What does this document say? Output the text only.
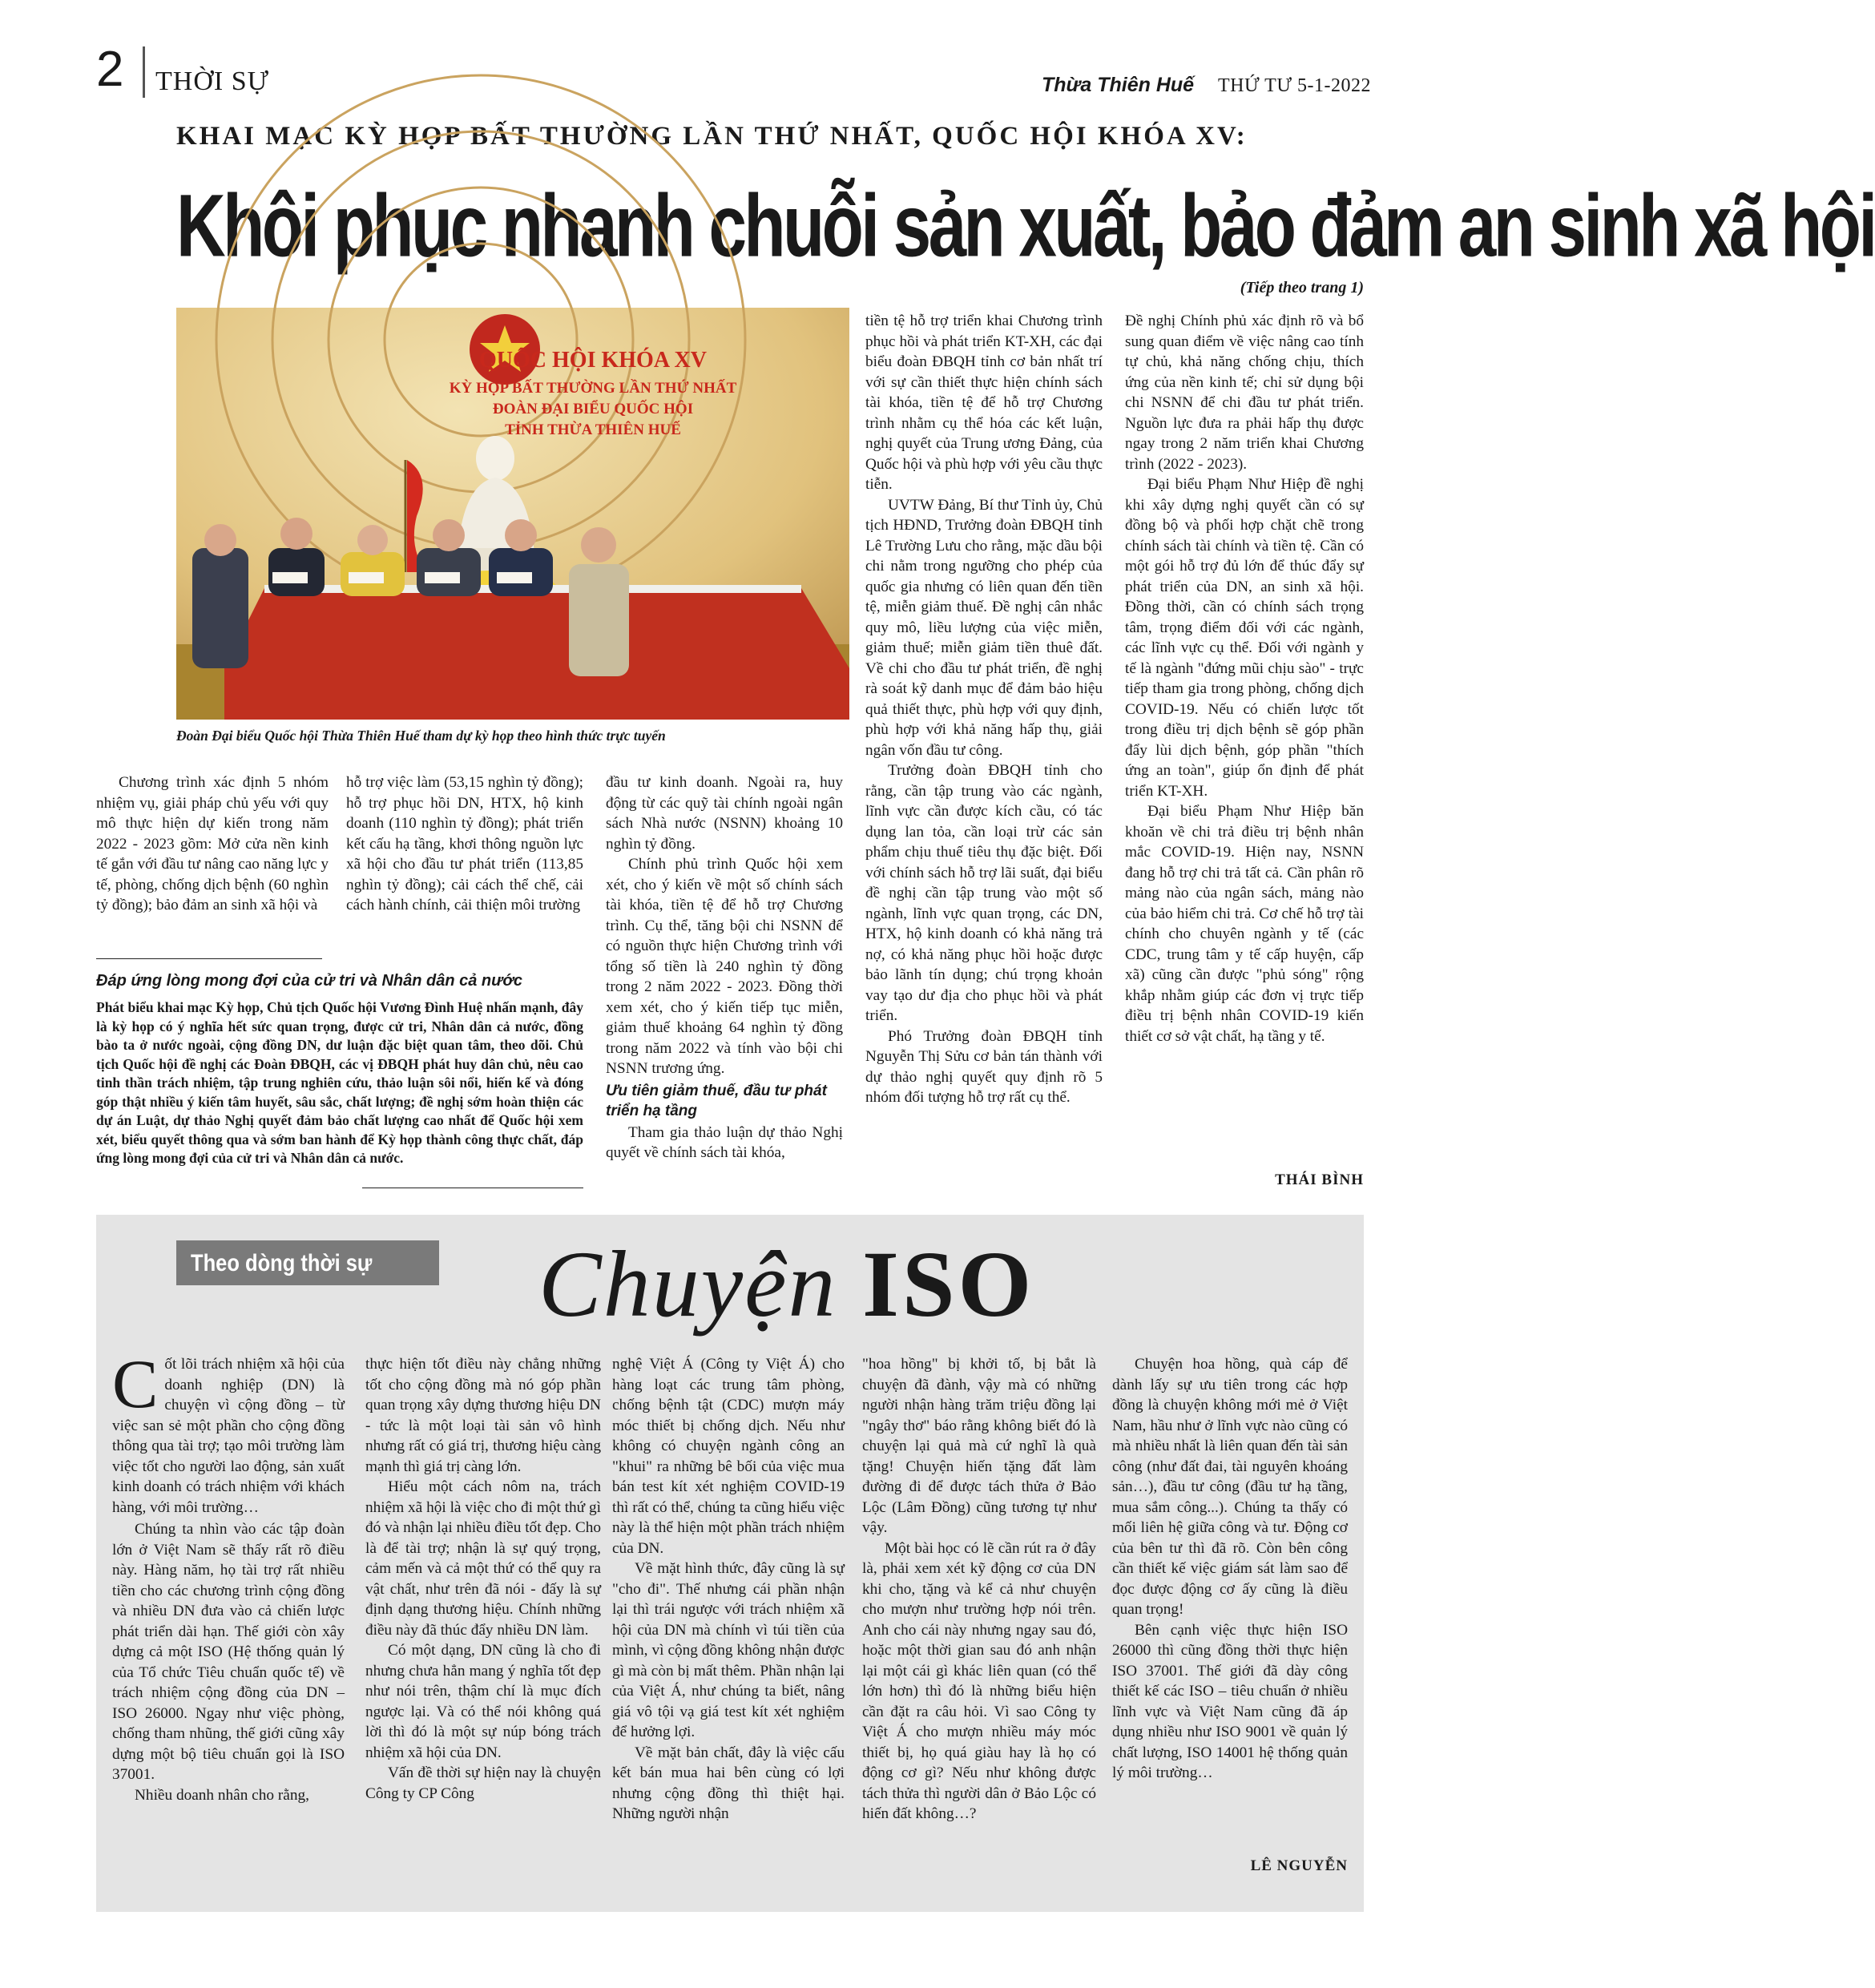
2 THỜI SỰ	Thừa Thiên Huế THỨ TƯ 5-1-2022
KHAI MẠC KỲ HỌP BẤT THƯỜNG LẦN THỨ NHẤT, QUỐC HỘI KHÓA XV:
Khôi phục nhanh chuỗi sản xuất, bảo đảm an sinh xã hội
(Tiếp theo trang 1)
QUỐC HỘI KHÓA XV
KỲ HỌP BẤT THƯỜNG LẦN THỨ NHẤT
ĐOÀN ĐẠI BIỂU QUỐC HỘI
TỈNH THỪA THIÊN HUẾ
Đoàn Đại biểu Quốc hội Thừa Thiên Huế tham dự kỳ họp theo hình thức trực tuyến

Chương trình xác định 5 nhóm nhiệm vụ, giải pháp chủ yếu với quy mô thực hiện dự kiến trong năm 2022 - 2023 gồm: Mở cửa nền kinh tế gắn với đầu tư nâng cao năng lực y tế, phòng, chống dịch bệnh (60 nghìn tỷ đồng); bảo đảm an sinh xã hội và

hỗ trợ việc làm (53,15 nghìn tỷ đồng); hỗ trợ phục hồi DN, HTX, hộ kinh doanh (110 nghìn tỷ đồng); phát triển kết cấu hạ tầng, khơi thông nguồn lực xã hội cho đầu tư phát triển (113,85 nghìn tỷ đồng); cải cách thể chế, cải cách hành chính, cải thiện môi trường

Đáp ứng lòng mong đợi của cử tri và Nhân dân cả nước
Phát biểu khai mạc Kỳ họp, Chủ tịch Quốc hội Vương Đình Huệ nhấn mạnh, đây là kỳ họp có ý nghĩa hết sức quan trọng, được cử tri, Nhân dân cả nước, đồng bào ta ở nước ngoài, cộng đồng DN, dư luận đặc biệt quan tâm, theo dõi. Chủ tịch Quốc hội đề nghị các Đoàn ĐBQH, các vị ĐBQH phát huy dân chủ, nêu cao tinh thần trách nhiệm, tập trung nghiên cứu, thảo luận sôi nổi, hiến kế và đóng góp thật nhiều ý kiến tâm huyết, sâu sắc, chất lượng; đề nghị sớm hoàn thiện các dự án Luật, dự thảo Nghị quyết đảm bảo chất lượng cao nhất để Quốc hội xem xét, biểu quyết thông qua và sớm ban hành để Kỳ họp thành công thực chất, đáp ứng lòng mong đợi của cử tri và Nhân dân cả nước.

đầu tư kinh doanh. Ngoài ra, huy động từ các quỹ tài chính ngoài ngân sách Nhà nước (NSNN) khoảng 10 nghìn tỷ đồng.

Chính phủ trình Quốc hội xem xét, cho ý kiến về một số chính sách tài khóa, tiền tệ để hỗ trợ Chương trình. Cụ thể, tăng bội chi NSNN để có nguồn thực hiện Chương trình với tổng số tiền là 240 nghìn tỷ đồng trong 2 năm 2022 - 2023. Đồng thời xem xét, cho ý kiến tiếp tục miễn, giảm thuế khoảng 64 nghìn tỷ đồng trong năm 2022 và tính vào bội chi NSNN trương ứng.

Ưu tiên giảm thuế, đầu tư phát triển hạ tầng

Tham gia thảo luận dự thảo Nghị quyết về chính sách tài khóa,

tiền tệ hỗ trợ triển khai Chương trình phục hồi và phát triển KT-XH, các đại biểu đoàn ĐBQH tỉnh cơ bản nhất trí với sự cần thiết thực hiện chính sách tài khóa, tiền tệ để hỗ trợ Chương trình nhằm cụ thể hóa các kết luận, nghị quyết của Trung ương Đảng, của Quốc hội và phù hợp với yêu cầu thực tiễn.

UVTW Đảng, Bí thư Tỉnh ủy, Chủ tịch HĐND, Trưởng đoàn ĐBQH tỉnh Lê Trường Lưu cho rằng, mặc dầu bội chi nằm trong ngưỡng cho phép của quốc gia nhưng có liên quan đến tiền tệ, miễn giảm thuế. Đề nghị cân nhắc quy mô, liều lượng của việc miễn, giảm thuế; miễn giảm tiền thuê đất. Về chi cho đầu tư phát triển, đề nghị rà soát kỹ danh mục để đảm bảo hiệu quả thiết thực, phù hợp với quy định, phù hợp với khả năng hấp thụ, giải ngân vốn đầu tư công.

Trưởng đoàn ĐBQH tỉnh cho rằng, cần tập trung vào các ngành, lĩnh vực cần được kích cầu, có tác dụng lan tỏa, cần loại trừ các sản phẩm chịu thuế tiêu thụ đặc biệt. Đối với chính sách hỗ trợ lãi suất, đại biểu đề nghị cần tập trung vào một số ngành, lĩnh vực quan trọng, các DN, HTX, hộ kinh doanh có khả năng trả nợ, có khả năng phục hồi hoặc được bảo lãnh tín dụng; chú trọng khoản vay tạo dư địa cho phục hồi và phát triển.

Phó Trưởng đoàn ĐBQH tỉnh Nguyễn Thị Sửu cơ bản tán thành với dự thảo nghị quyết quy định rõ 5 nhóm đối tượng hỗ trợ rất cụ thể.

Đề nghị Chính phủ xác định rõ và bổ sung quan điểm về việc nâng cao tính tự chủ, khả năng chống chịu, thích ứng của nền kinh tế; chỉ sử dụng bội chi NSNN để chi đầu tư phát triển. Nguồn lực đưa ra phải hấp thụ được ngay trong 2 năm triển khai Chương trình (2022 - 2023).

Đại biểu Phạm Như Hiệp đề nghị khi xây dựng nghị quyết cần có sự đồng bộ và phối hợp chặt chẽ trong chính sách tài chính và tiền tệ. Cần có một gói hỗ trợ đủ lớn để thúc đẩy sự phát triển của DN, an sinh xã hội. Đồng thời, cần có chính sách trọng tâm, trọng điểm đối với các ngành, các lĩnh vực cụ thể. Đối với ngành y tế là ngành "đứng mũi chịu sào" - trực tiếp tham gia trong phòng, chống dịch COVID-19. Nếu có chiến lược tốt trong điều trị dịch bệnh sẽ góp phần đẩy lùi dịch bệnh, góp phần "thích ứng an toàn", giúp ổn định để phát triển KT-XH.

Đại biểu Phạm Như Hiệp băn khoăn về chi trả điều trị bệnh nhân mắc COVID-19. Hiện nay, NSNN đang hỗ trợ chi trả tất cả. Cần phân rõ mảng nào của ngân sách, mảng nào của bảo hiểm chi trả. Cơ chế hỗ trợ tài chính cho chuyên ngành y tế (các CDC, trung tâm y tế cấp huyện, cấp xã) cũng cần được "phủ sóng" rộng khắp nhằm giúp các đơn vị trực tiếp điều trị bệnh nhân COVID-19 kiến thiết cơ sở vật chất, hạ tầng y tế.

THÁI BÌNH
Theo dòng thời sự	Chuyện ISO

Cốt lõi trách nhiệm xã hội của doanh nghiệp (DN) là chuyện vì cộng đồng – từ việc san sẻ một phần cho cộng đồng thông qua tài trợ; tạo môi trường làm việc tốt cho người lao động, sản xuất kinh doanh có trách nhiệm với khách hàng, với môi trường…

Chúng ta nhìn vào các tập đoàn lớn ở Việt Nam sẽ thấy rất rõ điều này. Hàng năm, họ tài trợ rất nhiều tiền cho các chương trình cộng đồng và nhiều DN đưa vào cả chiến lược phát triển dài hạn. Thế giới còn xây dựng cả một ISO (Hệ thống quản lý của Tổ chức Tiêu chuẩn quốc tế) về trách nhiệm cộng đồng của DN – ISO 26000. Ngay như việc phòng, chống tham nhũng, thế giới cũng xây dựng một bộ tiêu chuẩn gọi là ISO 37001.

Nhiều doanh nhân cho rằng,

thực hiện tốt điều này chẳng những tốt cho cộng đồng mà nó góp phần quan trọng xây dựng thương hiệu DN - tức là một loại tài sản vô hình nhưng rất có giá trị, thương hiệu càng mạnh thì giá trị càng lớn.

Hiểu một cách nôm na, trách nhiệm xã hội là việc cho đi một thứ gì đó và nhận lại nhiều điều tốt đẹp. Cho là để tài trợ; nhận là sự quý trọng, cảm mến và cả một thứ có thể quy ra vật chất, như trên đã nói - đấy là sự định dạng thương hiệu. Chính những điều này đã thúc đẩy nhiều DN làm.

Có một dạng, DN cũng là cho đi nhưng chưa hẳn mang ý nghĩa tốt đẹp như nói trên, thậm chí là mục đích ngược lại. Và có thể nói không quá lời thì đó là một sự núp bóng trách nhiệm xã hội của DN.

Vấn đề thời sự hiện nay là chuyện Công ty CP Công

nghệ Việt Á (Công ty Việt Á) cho hàng loạt các trung tâm phòng, chống bệnh tật (CDC) mượn máy móc thiết bị chống dịch. Nếu như không có chuyện ngành công an "khui" ra những bê bối của việc mua bán test kít xét nghiệm COVID-19 thì rất có thể, chúng ta cũng hiểu việc này là thể hiện một phần trách nhiệm của DN.

Về mặt hình thức, đây cũng là sự "cho đi". Thế nhưng cái phần nhận lại thì trái ngược với trách nhiệm xã hội của DN mà chính vì túi tiền của mình, vì cộng đồng không nhận được gì mà còn bị mất thêm. Phần nhận lại của Việt Á, như chúng ta biết, nâng giá vô tội vạ giá test kít xét nghiệm để hưởng lợi.

Về mặt bản chất, đây là việc cấu kết bán mua hai bên cùng có lợi nhưng cộng đồng thì thiệt hại. Những người nhận

"hoa hồng" bị khởi tố, bị bắt là chuyện đã đành, vậy mà có những người nhận hàng trăm triệu đồng lại "ngây thơ" báo rằng không biết đó là chuyện lại quả mà cứ nghĩ là quà tặng! Chuyện hiến tặng đất làm đường đi để được tách thửa ở Bảo Lộc (Lâm Đồng) cũng tương tự như vậy.

Một bài học có lẽ cần rút ra ở đây là, phải xem xét kỹ động cơ của DN khi cho, tặng và kể cả như chuyện cho mượn như trường hợp nói trên. Anh cho cái này nhưng ngay sau đó, hoặc một thời gian sau đó anh nhận lại một cái gì khác liên quan (có thể lớn hơn) thì đó là những biểu hiện cần đặt ra câu hỏi. Vì sao Công ty Việt Á cho mượn nhiều máy móc thiết bị, họ quá giàu hay là họ có động cơ gì? Nếu như không được tách thửa thì người dân ở Bảo Lộc có hiến đất không…?

Chuyện hoa hồng, quà cáp để dành lấy sự ưu tiên trong các hợp đồng là chuyện không mới mẻ ở Việt Nam, hầu như ở lĩnh vực nào cũng có mà nhiều nhất là liên quan đến tài sản công (như đất đai, tài nguyên khoáng sản…), đầu tư công (đầu tư hạ tầng, mua sắm công...). Chúng ta thấy có mối liên hệ giữa công và tư. Động cơ của bên tư thì đã rõ. Còn bên công cần thiết kế việc giám sát làm sao để đọc được động cơ ấy cũng là điều quan trọng!

Bên cạnh việc thực hiện ISO 26000 thì cũng đồng thời thực hiện ISO 37001. Thế giới đã dày công thiết kế các ISO – tiêu chuẩn ở nhiều lĩnh vực và Việt Nam cũng đã áp dụng nhiều như ISO 9001 về quản lý chất lượng, ISO 14001 hệ thống quản lý môi trường…

LÊ NGUYỄN
